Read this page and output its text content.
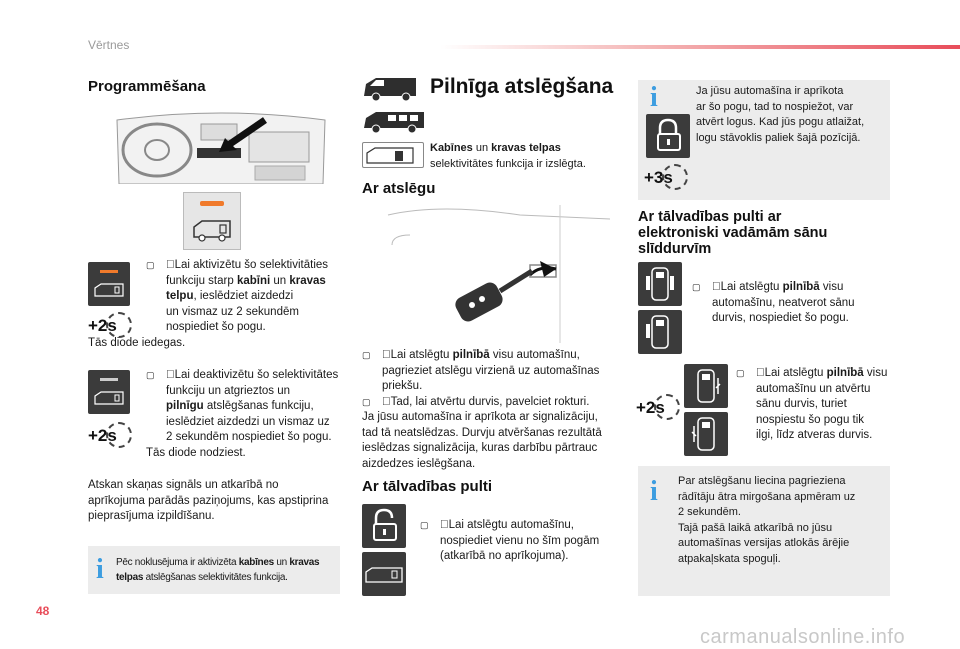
Vērtnes
Programmēšana
+2s
▢ Lai aktivizētu šo selektivitāties
funkciju starp kabīni un kravas
telpu, ieslēdziet aizdedzi
un vismaz uz 2 sekundēm
nospiediet šo pogu.
Tās diode iedegas.
+2s
▢ Lai deaktivizētu šo selektivitātes
funkciju un atgrieztos un
pilnīgu atslēgšanas funkciju,
ieslēdziet aizdedzi un vismaz uz
2 sekundēm nospiediet šo pogu.
Tās diode nodziest.
Atskan skaņas signāls un atkarībā no
aprīkojuma parādās paziņojums, kas apstiprina
pieprasījuma izpildīšanu.
i Pēc noklusējuma ir aktivizēta kabīnes un kravas
telpas atslēgšanas selektivitātes funkcija.
Pilnīga atslēgšana
Kabīnes un kravas telpas
selektivitātes funkcija ir izslēgta.
Ar atslēgu
▢ Lai atslēgtu pilnībā visu automašīnu,
pagrieziet atslēgu virzienā uz automašīnas
priekšu.
▢ Tad, lai atvērtu durvis, pavelciet rokturi.
Ja jūsu automašīna ir aprīkota ar signalizāciju,
tad tā neatslēdzas. Durvju atvēršanas rezultātā
ieslēdzas signalizācija, kuras darbību pārtrauc
aizdedzes ieslēgšana.
Ar tālvadības pulti
▢ Lai atslēgtu automašīnu,
nospiediet vienu no šīm pogām
(atkarībā no aprīkojuma).
i
+3s
Ja jūsu automašīna ir aprīkota
ar šo pogu, tad to nospiežot, var
atvērt logus. Kad jūs pogu atlaižat,
logu stāvoklis paliek šajā pozīcijā.
Ar tālvadības pulti ar
elektroniski vadāmām sānu
slīddurvīm
▢ Lai atslēgtu pilnībā visu
automašīnu, neatverot sānu
durvis, nospiediet šo pogu.
+2s
▢ Lai atslēgtu pilnībā visu
automašīnu un atvērtu
sānu durvis, turiet
nospiestu šo pogu tik
ilgi, līdz atveras durvis.
i Par atslēgšanu liecina pagrieziena
rādītāju ātra mirgošana apmēram uz
2 sekundēm.
Tajā pašā laikā atkarībā no jūsu
automašīnas versijas atlokās ārējie
atpakaļskata spoguļi.
48
carmanualsonline.info
